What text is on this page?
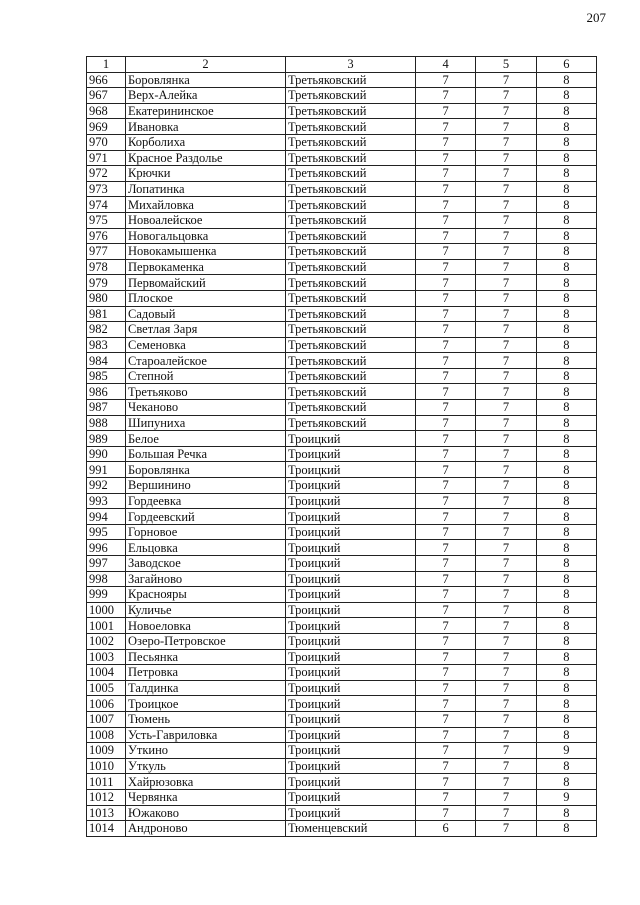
207
1	2	3	4	5	6
966	Боровлянка	Третьяковский	7	7	8
967	Верх-Алейка	Третьяковский	7	7	8
968	Екатерининское	Третьяковский	7	7	8
969	Ивановка	Третьяковский	7	7	8
970	Корболиха	Третьяковский	7	7	8
971	Красное Раздолье	Третьяковский	7	7	8
972	Крючки	Третьяковский	7	7	8
973	Лопатинка	Третьяковский	7	7	8
974	Михайловка	Третьяковский	7	7	8
975	Новоалейское	Третьяковский	7	7	8
976	Новогальцовка	Третьяковский	7	7	8
977	Новокамышенка	Третьяковский	7	7	8
978	Первокаменка	Третьяковский	7	7	8
979	Первомайский	Третьяковский	7	7	8
980	Плоское	Третьяковский	7	7	8
981	Садовый	Третьяковский	7	7	8
982	Светлая Заря	Третьяковский	7	7	8
983	Семеновка	Третьяковский	7	7	8
984	Староалейское	Третьяковский	7	7	8
985	Степной	Третьяковский	7	7	8
986	Третьяково	Третьяковский	7	7	8
987	Чеканово	Третьяковский	7	7	8
988	Шипуниха	Третьяковский	7	7	8
989	Белое	Троицкий	7	7	8
990	Большая Речка	Троицкий	7	7	8
991	Боровлянка	Троицкий	7	7	8
992	Вершинино	Троицкий	7	7	8
993	Гордеевка	Троицкий	7	7	8
994	Гордеевский	Троицкий	7	7	8
995	Горновое	Троицкий	7	7	8
996	Ельцовка	Троицкий	7	7	8
997	Заводское	Троицкий	7	7	8
998	Загайново	Троицкий	7	7	8
999	Краснояры	Троицкий	7	7	8
1000	Куличье	Троицкий	7	7	8
1001	Новоеловка	Троицкий	7	7	8
1002	Озеро-Петровское	Троицкий	7	7	8
1003	Песьянка	Троицкий	7	7	8
1004	Петровка	Троицкий	7	7	8
1005	Талдинка	Троицкий	7	7	8
1006	Троицкое	Троицкий	7	7	8
1007	Тюмень	Троицкий	7	7	8
1008	Усть-Гавриловка	Троицкий	7	7	8
1009	Уткино	Троицкий	7	7	9
1010	Уткуль	Троицкий	7	7	8
1011	Хайрюзовка	Троицкий	7	7	8
1012	Червянка	Троицкий	7	7	9
1013	Южаково	Троицкий	7	7	8
1014	Андроново	Тюменцевский	6	7	8
